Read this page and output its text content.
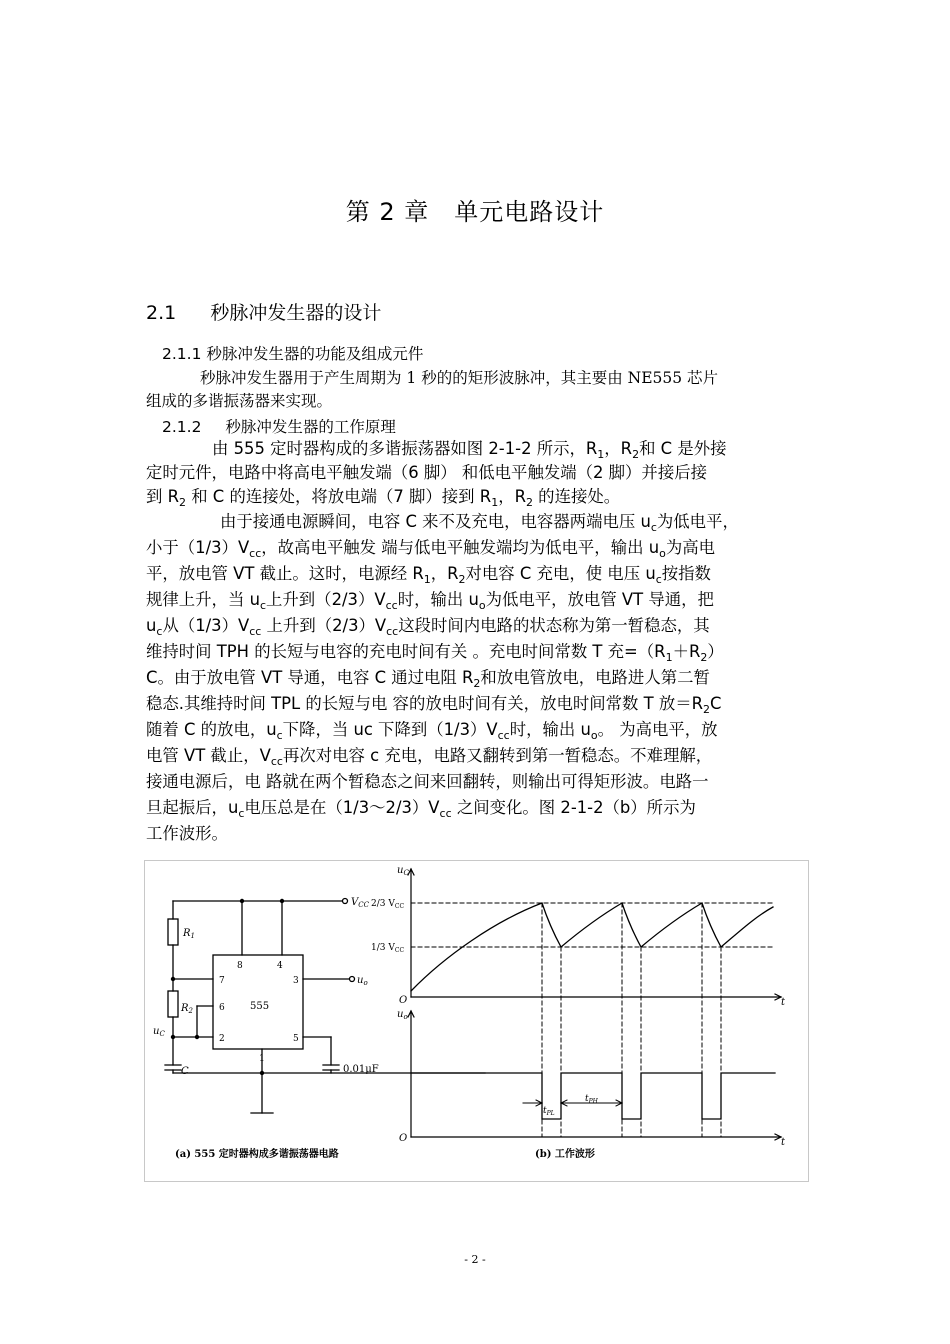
第 2 章　单元电路设计
2.1 秒脉冲发生器的设计
2.1.1 秒脉冲发生器的功能及组成元件
秒脉冲发生器用于产生周期为 1 秒的的矩形波脉冲，其主要由 NE555 芯片
组成的多谐振荡器来实现。
2.1.2 秒脉冲发生器的工作原理
由 555 定时器构成的多谐振荡器如图 2-1-2 所示，$R_1$，$R_2$和 C 是外接
定时元件，电路中将高电平触发端（6 脚） 和低电平触发端（2 脚）并接后接
到 $R_2$ 和 C 的连接处，将放电端（7 脚）接到 $R_1$，$R_2$ 的连接处。
由于接通电源瞬间，电容 C 来不及充电，电容器两端电压 $u_c$为低电平，
小于$(1/3)V_{cc}$，故高电平触发 端与低电平触发端均为低电平，输出 $u_o$为高电
平，放电管 VT 截止。这时，电源经 $R_1$，$R_2$对电容 C 充电，使 电压 $u_c$按指数
规律上升，当 $u_c$上升到$(2/3)V_{cc}$时，输出 $u_o$为低电平，放电管 VT 导通，把
$u_c$从$(1/3)V_{cc}$ 上升到$(2/3)V_{cc}$这段时间内电路的状态称为第一暂稳态，其
维持时间 TPH 的长短与电容的充电时间有关 。充电时间常数 T 充$=(R_1+R_2)$
C。由于放电管 VT 导通，电容 C 通过电阻 $R_2$和放电管放电，电路进人第二暂
稳态.其维持时间 TPL 的长短与电 容的放电时间有关，放电时间常数 T 放$=R_2C$
随着 C 的放电，$u_c$下降，当 uc 下降到$(1/3)V_{cc}$时，输出 $u_o$。 为高电平，放
电管 VT 截止，$V_{cc}$再次对电容 c 充电，电路又翻转到第一暂稳态。不难理解，
接通电源后，电 路就在两个暂稳态之间来回翻转，则输出可得矩形波。电路一
旦起振后，$u_c$电压总是在$(1/3\sim 2/3)V_{cc}$ 之间变化。图 2-1-2（b）所示为
工作波形。
$V_{CC}$
$R_1$
$R_2$
C
$u_C$
$u_o$
555
0.01μF
8	4
7	3
6
2	5
1
$u_C$
2/3 $V_{CC}$
1/3 $V_{CC}$
O	t
$u_o$
O	t
$t_{PL}$
$t_{PH}$
(a) 555 定时器构成多谐振荡器电路	(b) 工作波形
- 2 -
